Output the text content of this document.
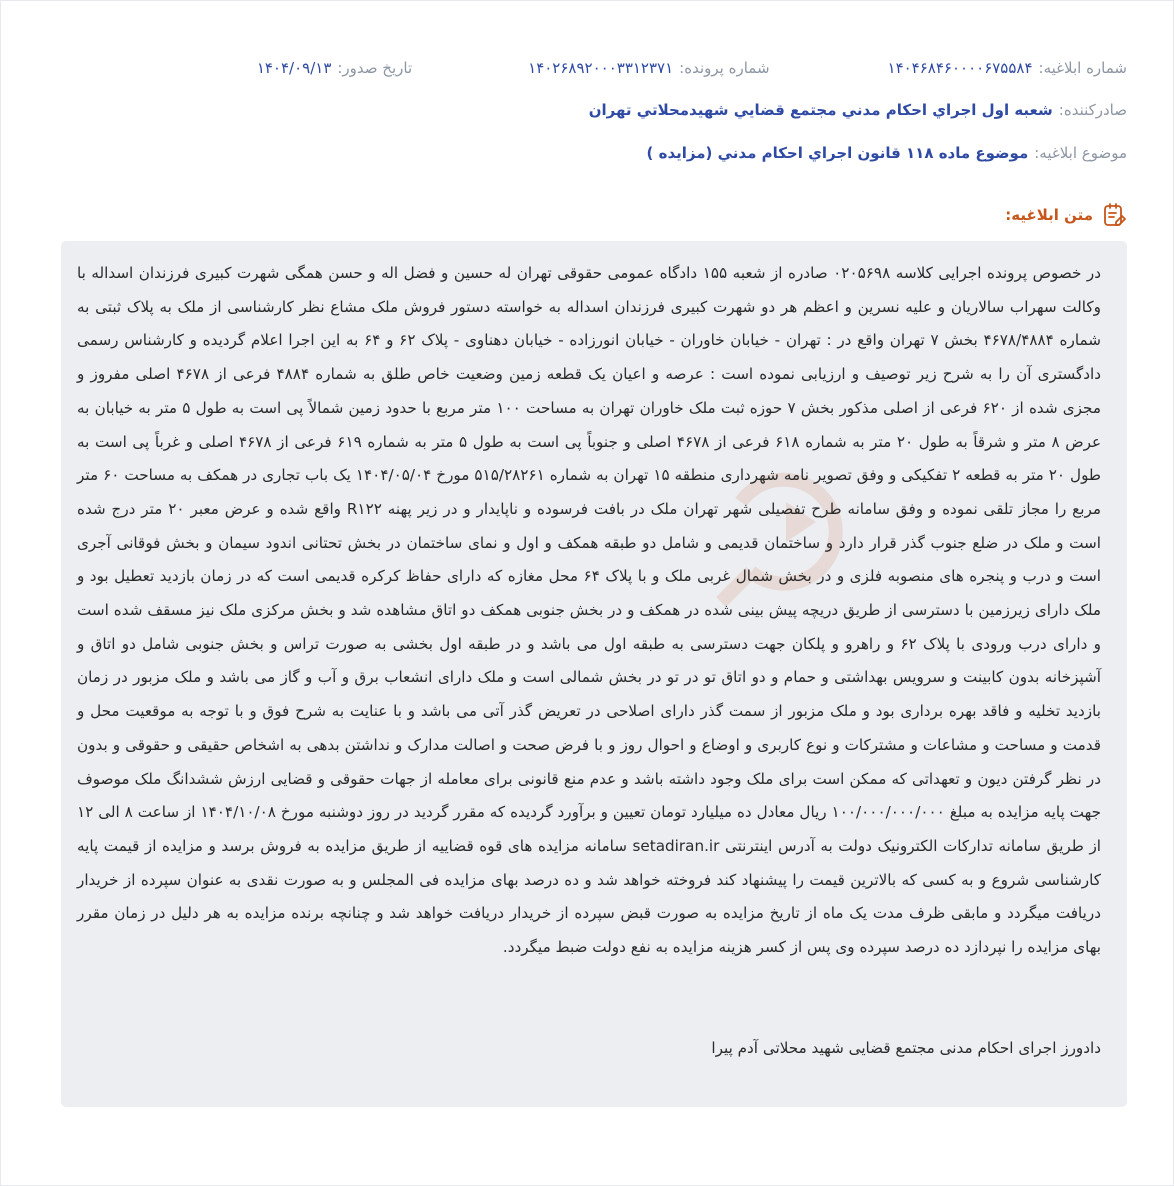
شماره ابلاغیه:
۱۴۰۴۶۸۴۶۰۰۰۰۶۷۵۵۸۴
شماره پرونده:
۱۴۰۲۶۸۹۲۰۰۰۳۳۱۲۳۷۱
تاریخ صدور:
۱۴۰۴/۰۹/۱۳
صادرکننده:
شعبه اول اجراي احكام مدني مجتمع قضايي شهيدمحلاتي تهران
موضوع ابلاغیه:
موضوع ماده ۱۱۸ قانون اجراي احكام مدني (مزايده )
متن ابلاغیه:

در خصوص پرونده اجرایی کلاسه ۰۲۰۵۶۹۸ صادره از شعبه ۱۵۵ دادگاه عمومی حقوقی تهران له حسین و فضل اله و حسن همگی شهرت کبیری فرزندان اسداله با وکالت سهراب سالاریان و علیه نسرین و اعظم هر دو شهرت کبیری فرزندان اسداله به خواسته دستور فروش ملک مشاع نظر کارشناسی از ملک به پلاک ثبتی به شماره ۴۶۷۸/۴۸۸۴ بخش ۷ تهران واقع در : تهران - خیابان خاوران - خیابان انورزاده - خیابان دهناوی - پلاک ۶۲ و ۶۴ به این اجرا اعلام گردیده و کارشناس رسمی دادگستری آن را به شرح زیر توصیف و ارزیابی نموده است : عرصه و اعیان یک قطعه زمین وضعیت خاص طلق به شماره ۴۸۸۴ فرعی از ۴۶۷۸ اصلی مفروز و مجزی شده از ۶۲۰ فرعی از اصلی مذکور بخش ۷ حوزه ثبت ملک خاوران تهران به مساحت ۱۰۰ متر مربع با حدود زمین شمالاً پی است به طول ۵ متر به خیابان به عرض ۸ متر و شرقاً به طول ۲۰ متر به شماره ۶۱۸ فرعی از ۴۶۷۸ اصلی و جنوباً پی است به طول ۵ متر به شماره ۶۱۹ فرعی از ۴۶۷۸ اصلی و غرباً پی است به طول ۲۰ متر به قطعه ۲ تفکیکی و وفق تصویر نامه شهرداری منطقه ۱۵ تهران به شماره ۵۱۵/۲۸۲۶۱ مورخ ۱۴۰۴/۰۵/۰۴ یک باب تجاری در همکف به مساحت ۶۰ متر مربع را مجاز تلقی نموده و وفق سامانه طرح تفصیلی شهر تهران ملک در بافت فرسوده و ناپایدار و در زیر پهنه R۱۲۲ واقع شده و عرض معبر ۲۰ متر درج شده است و ملک در ضلع جنوب گذر قرار دارد و ساختمان قدیمی و شامل دو طبقه همکف و اول و نمای ساختمان در بخش تحتانی اندود سیمان و بخش فوقانی آجری است و درب و پنجره های منصوبه فلزی و در بخش شمال غربی ملک و با پلاک ۶۴ محل مغازه که دارای حفاظ کرکره قدیمی است که در زمان بازدید تعطیل بود و ملک دارای زیرزمین با دسترسی از طریق دریچه پیش بینی شده در همکف و در بخش جنوبی همکف دو اتاق مشاهده شد و بخش مرکزی ملک نیز مسقف شده است و دارای درب ورودی با پلاک ۶۲ و راهرو و پلکان جهت دسترسی به طبقه اول می باشد و در طبقه اول بخشی به صورت تراس و بخش جنوبی شامل دو اتاق و آشپزخانه بدون کابینت و سرویس بهداشتی و حمام و دو اتاق تو در تو در بخش شمالی است و ملک دارای انشعاب برق و آب و گاز می باشد و ملک مزبور در زمان بازدید تخلیه و فاقد بهره برداری بود و ملک مزبور از سمت گذر دارای اصلاحی در تعریض گذر آتی می باشد و با عنایت به شرح فوق و با توجه به موقعیت محل و قدمت و مساحت و مشاعات و مشترکات و نوع کاربری و اوضاع و احوال روز و با فرض صحت و اصالت مدارک و نداشتن بدهی به اشخاص حقیقی و حقوقی و بدون در نظر گرفتن دیون و تعهداتی که ممکن است برای ملک وجود داشته باشد و عدم منع قانونی برای معامله از جهات حقوقی و قضایی ارزش ششدانگ ملک موصوف جهت پایه مزایده به مبلغ ۱۰۰/۰۰۰/۰۰۰/۰۰۰ ریال معادل ده میلیارد تومان تعیین و برآورد گردیده که مقرر گردید در روز دوشنبه مورخ ۱۴۰۴/۱۰/۰۸ از ساعت ۸ الی ۱۲ از طریق سامانه تدارکات الکترونیک دولت به آدرس اینترنتی setadiran.ir سامانه مزایده های قوه قضاییه از طریق مزایده به فروش برسد و مزایده از قیمت پایه کارشناسی شروع و به کسی که بالاترین قیمت را پیشنهاد کند فروخته خواهد شد و ده درصد بهای مزایده فی المجلس و به صورت نقدی به عنوان سپرده از خریدار دریافت میگردد و مابقی ظرف مدت یک ماه از تاریخ مزایده به صورت قبض سپرده از خریدار دریافت خواهد شد و چنانچه برنده مزایده به هر دلیل در زمان مقرر بهای مزایده را نپردازد ده درصد سپرده وی پس از کسر هزینه مزایده به نفع دولت ضبط میگردد.

دادورز اجرای احکام مدنی مجتمع قضایی شهید محلاتی آدم پیرا
